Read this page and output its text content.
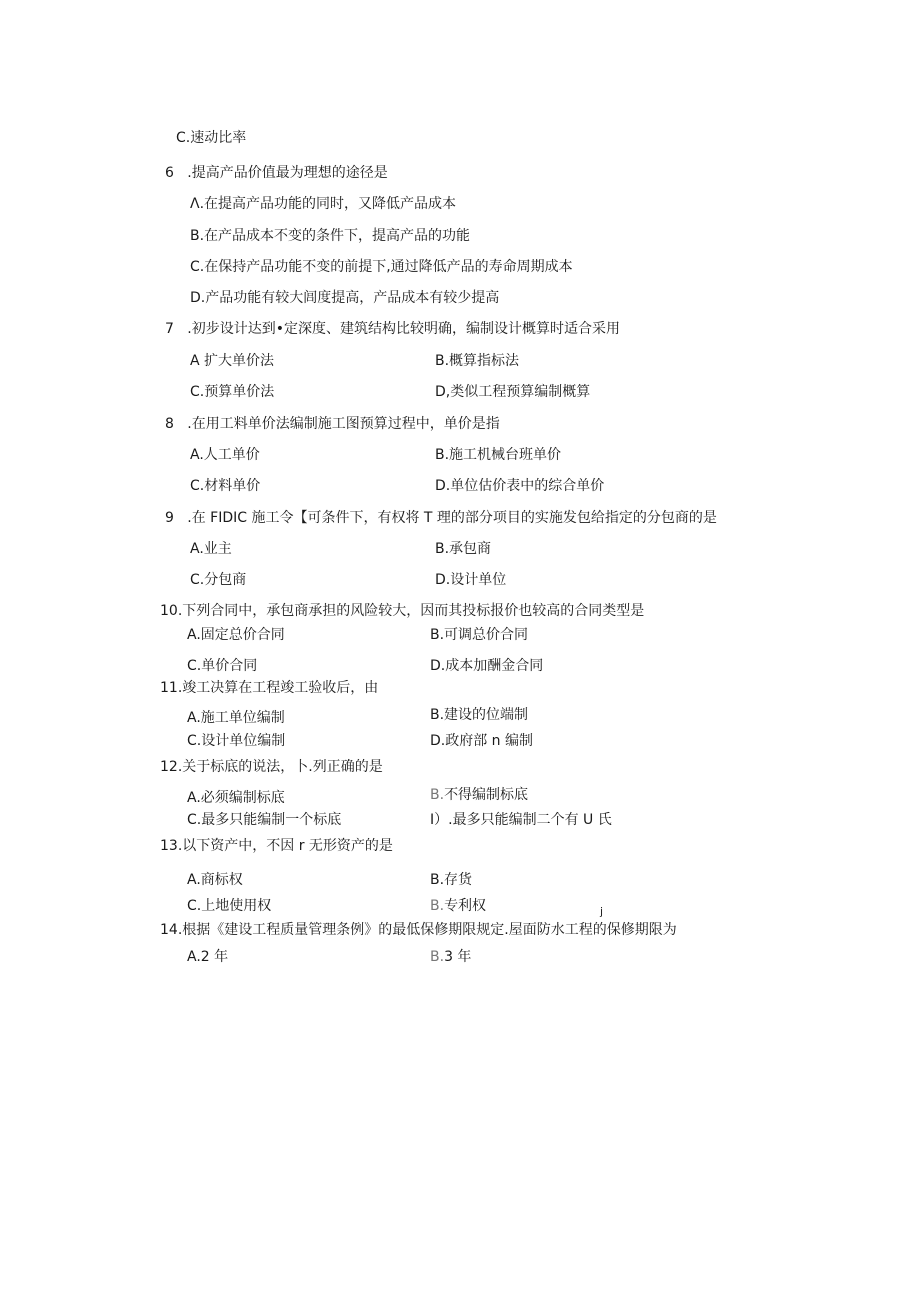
C.速动比率
6   .提高产品价值最为理想的途径是
Λ.在提高产品功能的同时，又降低产品成本
B.在产品成本不变的条件下，提高产品的功能
C.在保持产品功能不变的前提下,通过降低产品的寿命周期成本
D.产品功能有较大闾度提高，产品成本有较少提高
7   .初步设计达到•定深度、建筑结构比较明确，编制设计概算时适合采用
A 扩大单价法	B.概算指标法
C.预算单价法	D,类似工程预算编制概算
8   .在用工料单价法编制施工图预算过程中，单价是指
A.人工单价	B.施工机械台班单价
C.材料单价	D.单位估价表中的综合单价
9   .在 FIDIC 施工令【可条件下，有权将 T 理的部分项目的实施发包给指定的分包商的是
A.业主	B.承包商
C.分包商	D.设计单位
10.下列合同中，承包商承担的风险较大，因而其投标报价也较高的合同类型是
A.固定总价合同	B.可调总价合同
C.单价合同	D.成本加酬金合同
11.竣工决算在工程竣工验收后，由
A.施工单位编制	B.建设的位端制
C.设计单位编制	D.政府部 n 编制
12.关于标底的说法，卜.列正确的是
A.必须编制标底	B.不得编制标底
C.最多只能编制一个标底	I）.最多只能编制二个有 U 氏
13.以下资产中，不因 r 无形资产的是
A.商标权	B.存货
C.上地使用权	B.专利权	j
14.根据《建设工程质量管理条例》的最低保修期限规定.屋面防水工程的保修期限为
A.2 年	B.3 年
